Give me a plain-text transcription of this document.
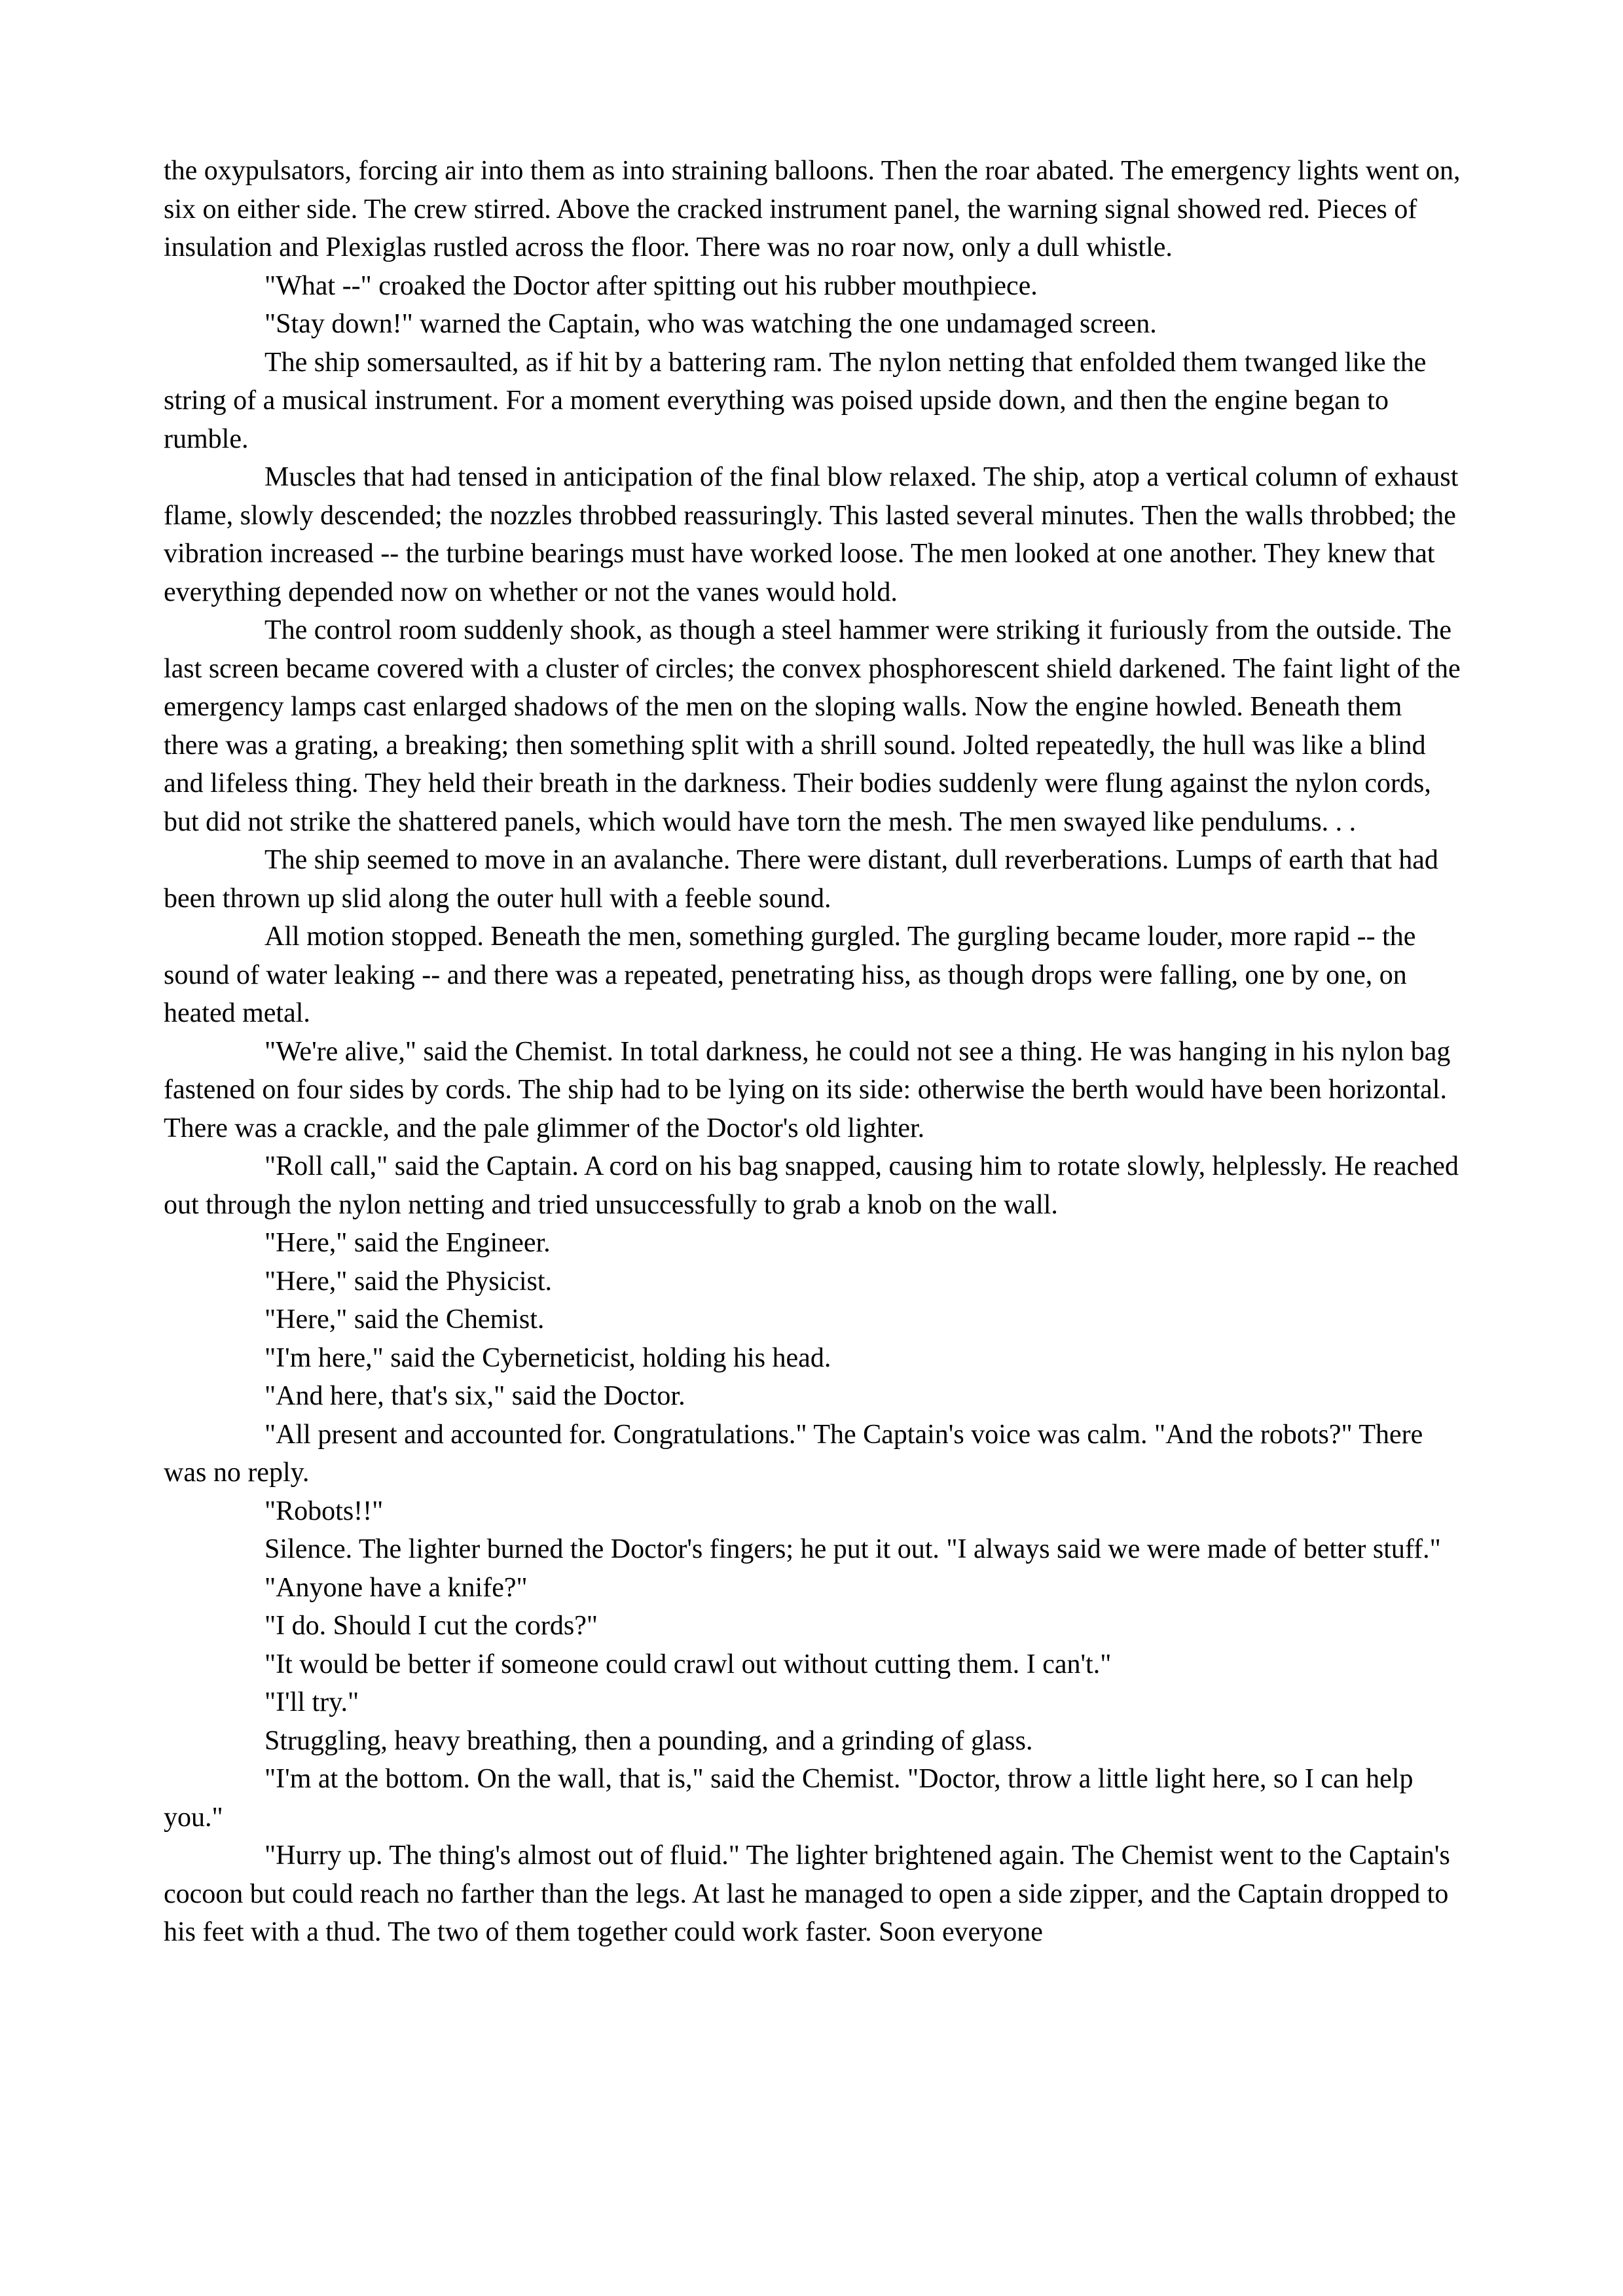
the oxypulsators, forcing air into them as into straining balloons. Then the roar abated. The emergency lights went on, six on either side. The crew stirred. Above the cracked instrument panel, the warning signal showed red. Pieces of insulation and Plexiglas rustled across the floor. There was no roar now, only a dull whistle.

"What --" croaked the Doctor after spitting out his rubber mouthpiece.

"Stay down!" warned the Captain, who was watching the one undamaged screen.

The ship somersaulted, as if hit by a battering ram. The nylon netting that enfolded them twanged like the string of a musical instrument. For a moment everything was poised upside down, and then the engine began to rumble.

Muscles that had tensed in anticipation of the final blow relaxed. The ship, atop a vertical column of exhaust flame, slowly descended; the nozzles throbbed reassuringly. This lasted several minutes. Then the walls throbbed; the vibration increased -- the turbine bearings must have worked loose. The men looked at one another. They knew that everything depended now on whether or not the vanes would hold.

The control room suddenly shook, as though a steel hammer were striking it furiously from the outside. The last screen became covered with a cluster of circles; the convex phosphorescent shield darkened. The faint light of the emergency lamps cast enlarged shadows of the men on the sloping walls. Now the engine howled. Beneath them there was a grating, a breaking; then something split with a shrill sound. Jolted repeatedly, the hull was like a blind and lifeless thing. They held their breath in the darkness. Their bodies suddenly were flung against the nylon cords, but did not strike the shattered panels, which would have torn the mesh. The men swayed like pendulums. . .

The ship seemed to move in an avalanche. There were distant, dull reverberations. Lumps of earth that had been thrown up slid along the outer hull with a feeble sound.

All motion stopped. Beneath the men, something gurgled. The gurgling became louder, more rapid -- the sound of water leaking -- and there was a repeated, penetrating hiss, as though drops were falling, one by one, on heated metal.

"We're alive," said the Chemist. In total darkness, he could not see a thing. He was hanging in his nylon bag fastened on four sides by cords. The ship had to be lying on its side: otherwise the berth would have been horizontal. There was a crackle, and the pale glimmer of the Doctor's old lighter.

"Roll call," said the Captain. A cord on his bag snapped, causing him to rotate slowly, helplessly. He reached out through the nylon netting and tried unsuccessfully to grab a knob on the wall.

"Here," said the Engineer.

"Here," said the Physicist.

"Here," said the Chemist.

"I'm here," said the Cyberneticist, holding his head.

"And here, that's six," said the Doctor.

"All present and accounted for. Congratulations." The Captain's voice was calm. "And the robots?" There was no reply.

"Robots!!"

Silence. The lighter burned the Doctor's fingers; he put it out. "I always said we were made of better stuff."

"Anyone have a knife?"

"I do. Should I cut the cords?"

"It would be better if someone could crawl out without cutting them. I can't."

"I'll try."

Struggling, heavy breathing, then a pounding, and a grinding of glass.

"I'm at the bottom. On the wall, that is," said the Chemist. "Doctor, throw a little light here, so I can help you."

"Hurry up. The thing's almost out of fluid." The lighter brightened again. The Chemist went to the Captain's cocoon but could reach no farther than the legs. At last he managed to open a side zipper, and the Captain dropped to his feet with a thud. The two of them together could work faster. Soon everyone
